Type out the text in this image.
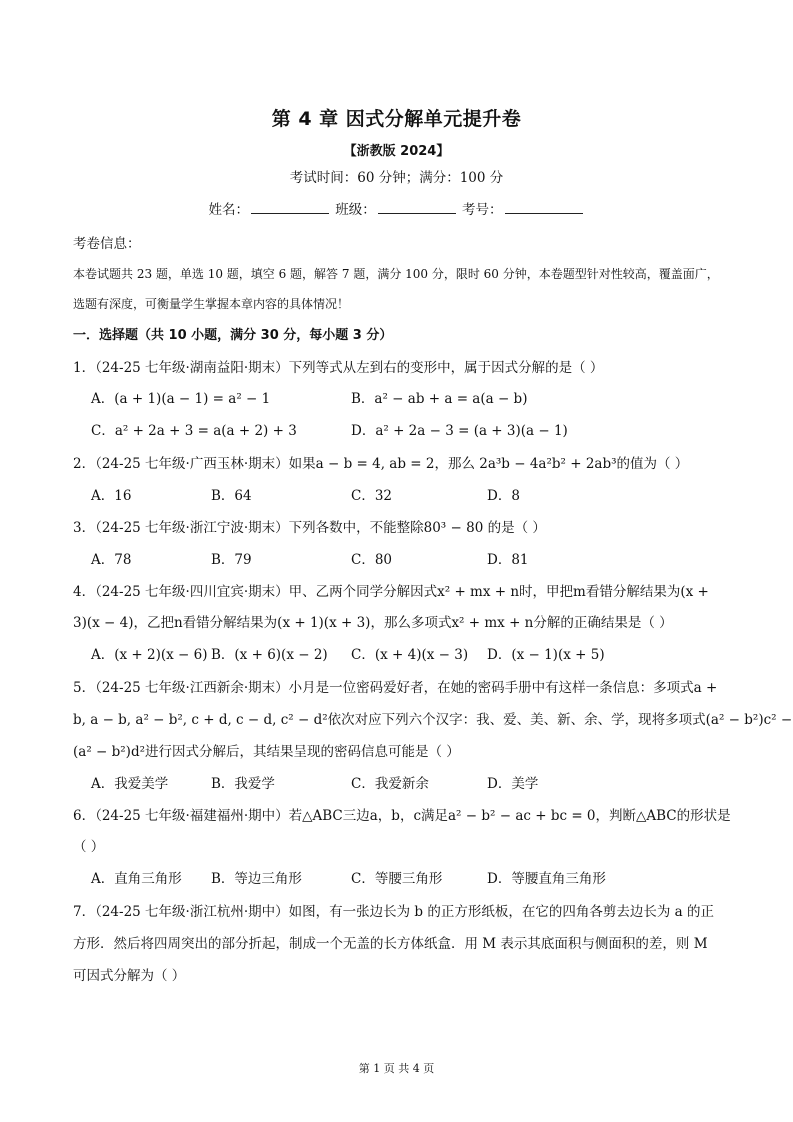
第 4 章 因式分解单元提升卷
【浙教版 2024】
考试时间：60 分钟；满分：100 分
姓名：	班级：	考号：
考卷信息：
本卷试题共 23 题，单选 10 题，填空 6 题，解答 7 题，满分 100 分，限时 60 分钟，本卷题型针对性较高，覆盖面广，选题有深度，可衡量学生掌握本章内容的具体情况！
一．选择题（共 10 小题，满分 30 分，每小题 3 分）
1．（24-25 七年级·湖南益阳·期末）下列等式从左到右的变形中，属于因式分解的是（ ）
A．(a + 1)(a − 1) = a² − 1	B．a² − ab + a = a(a − b)
C．a² + 2a + 3 = a(a + 2) + 3	D．a² + 2a − 3 = (a + 3)(a − 1)
2．（24-25 七年级·广西玉林·期末）如果a − b = 4, ab = 2，那么 2a³b − 4a²b² + 2ab³的值为（ ）
A．16	B．64	C．32	D．8
3．（24-25 七年级·浙江宁波·期末）下列各数中，不能整除80³ − 80 的是（ ）
A．78	B．79	C．80	D．81
4．（24-25 七年级·四川宜宾·期末）甲、乙两个同学分解因式x² + mx + n时，甲把m看错分解结果为(x +
3)(x − 4)，乙把n看错分解结果为(x + 1)(x + 3)，那么多项式x² + mx + n分解的正确结果是（ ）
A．(x + 2)(x − 6) B．(x + 6)(x − 2) C．(x + 4)(x − 3) D．(x − 1)(x + 5)
5．（24-25 七年级·江西新余·期末）小月是一位密码爱好者，在她的密码手册中有这样一条信息：多项式a +
b, a − b, a² − b², c + d, c − d, c² − d²依次对应下列六个汉字：我、爱、美、新、余、学，现将多项式(a² − b²)c² −
(a² − b²)d²进行因式分解后，其结果呈现的密码信息可能是（ ）
A．我爱美学	B．我爱学	C．我爱新余	D．美学
6．（24-25 七年级·福建福州·期中）若△ABC三边a，b，c满足a² − b² − ac + bc = 0，判断△ABC的形状是
（ ）
A．直角三角形 B．等边三角形	C．等腰三角形	D．等腰直角三角形
7．（24-25 七年级·浙江杭州·期中）如图，有一张边长为 b 的正方形纸板，在它的四角各剪去边长为 a 的正
方形．然后将四周突出的部分折起，制成一个无盖的长方体纸盒．用 M 表示其底面积与侧面积的差，则 M
可因式分解为（ ）
第 1 页 共 4 页
